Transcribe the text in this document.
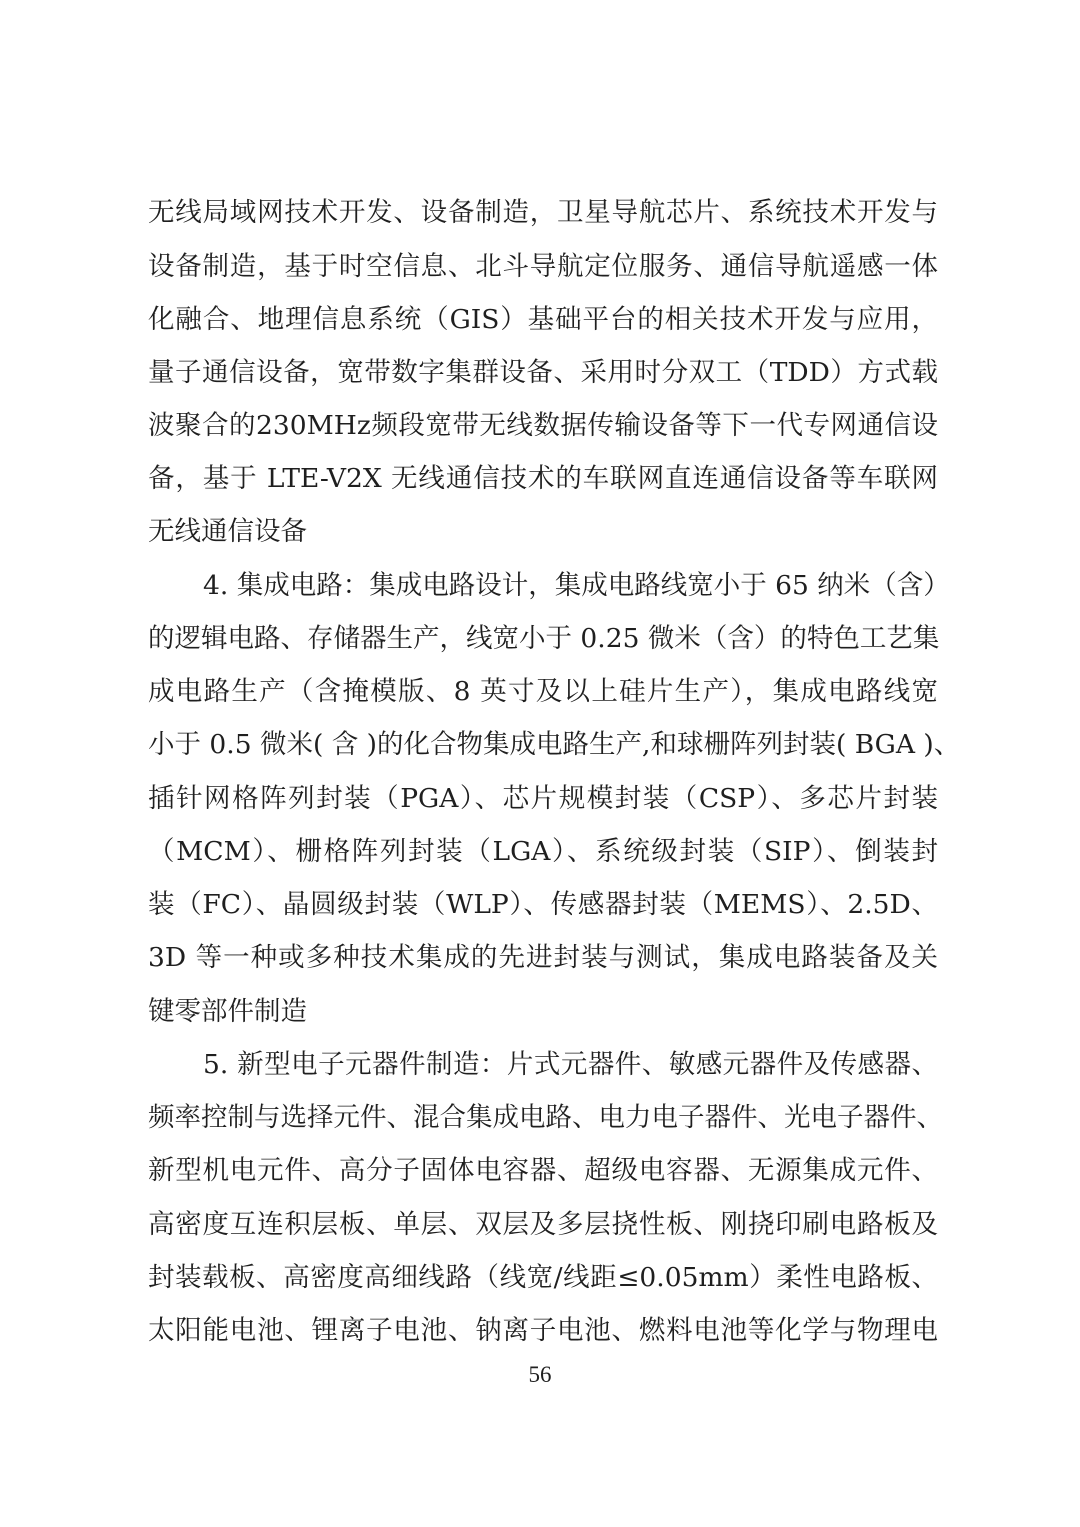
无线局域网技术开发、设备制造，卫星导航芯片、系统技术开发与
设备制造，基于时空信息、北斗导航定位服务、通信导航遥感一体
化融合、地理信息系统（GIS）基础平台的相关技术开发与应用，
量子通信设备，宽带数字集群设备、采用时分双工（TDD）方式载
波聚合的230MHz频段宽带无线数据传输设备等下一代专网通信设
备，基于 LTE-V2X 无线通信技术的车联网直连通信设备等车联网
无线通信设备
4. 集成电路：集成电路设计，集成电路线宽小于 65 纳米（含）
的逻辑电路、存储器生产，线宽小于 0.25 微米（含）的特色工艺集
成电路生产（含掩模版、8 英寸及以上硅片生产），集成电路线宽
小于 0.5 微米( 含 )的化合物集成电路生产,和球栅阵列封装( BGA )、
插针网格阵列封装（PGA）、芯片规模封装（CSP）、多芯片封装
（MCM）、栅格阵列封装（LGA）、系统级封装（SIP）、倒装封
装（FC）、晶圆级封装（WLP）、传感器封装（MEMS）、2.5D、
3D 等一种或多种技术集成的先进封装与测试，集成电路装备及关
键零部件制造
5. 新型电子元器件制造：片式元器件、敏感元器件及传感器、
频率控制与选择元件、混合集成电路、电力电子器件、光电子器件、
新型机电元件、高分子固体电容器、超级电容器、无源集成元件、
高密度互连积层板、单层、双层及多层挠性板、刚挠印刷电路板及
封装载板、高密度高细线路（线宽/线距≤0.05mm）柔性电路板、
太阳能电池、锂离子电池、钠离子电池、燃料电池等化学与物理电
56
